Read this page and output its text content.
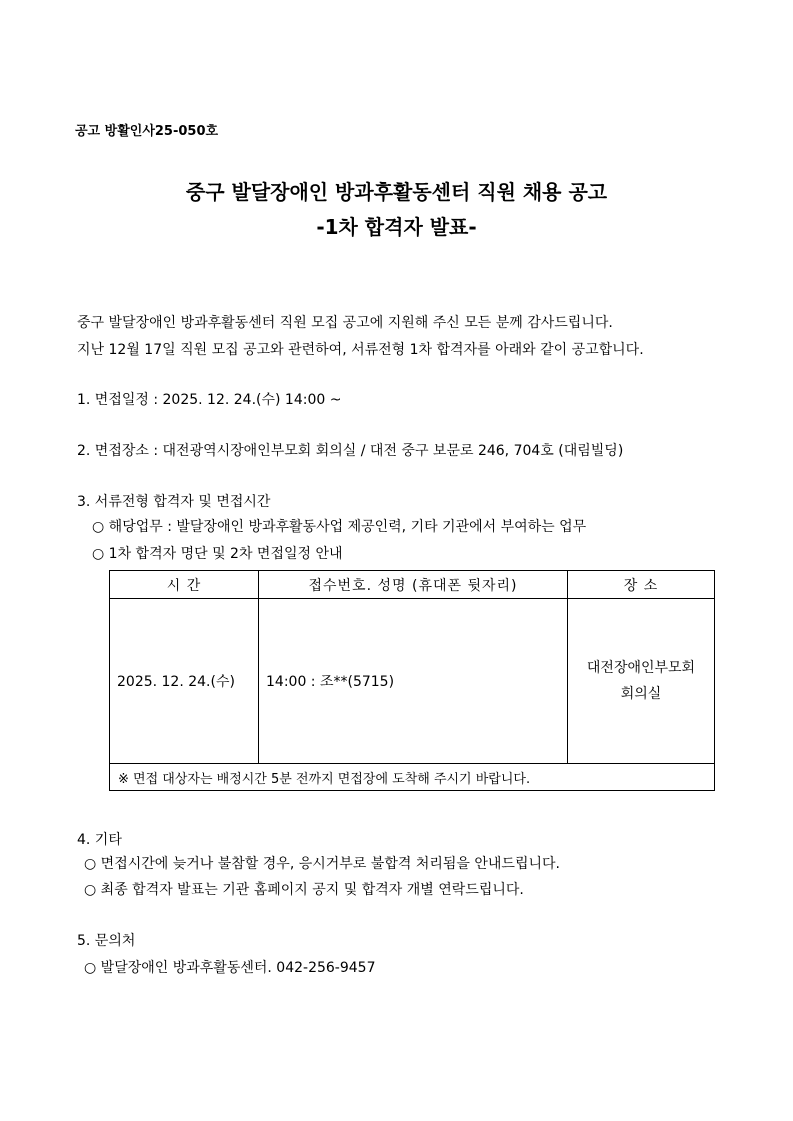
공고 방활인사25-050호
중구 발달장애인 방과후활동센터 직원 채용 공고
-1차 합격자 발표-
중구 발달장애인 방과후활동센터 직원 모집 공고에 지원해 주신 모든 분께 감사드립니다.
지난 12월 17일 직원 모집 공고와 관련하여, 서류전형 1차 합격자를 아래와 같이 공고합니다.
1. 면접일정 : 2025. 12. 24.(수) 14:00 ~
2. 면접장소 : 대전광역시장애인부모회 회의실 / 대전 중구 보문로 246, 704호 (대림빌딩)
3. 서류전형 합격자 및 면접시간
○ 해당업무 : 발달장애인 방과후활동사업 제공인력, 기타 기관에서 부여하는 업무
○ 1차 합격자 명단 및 2차 면접일정 안내
시 간	접수번호. 성명 (휴대폰 뒷자리)	장 소
2025. 12. 24.(수)	14:00 : 조**(5715)	대전장애인부모회
회의실

※ 면접 대상자는 배정시간 5분 전까지 면접장에 도착해 주시기 바랍니다.		
4. 기타
○ 면접시간에 늦거나 불참할 경우, 응시거부로 불합격 처리됨을 안내드립니다.
○ 최종 합격자 발표는 기관 홈페이지 공지 및 합격자 개별 연락드립니다.
5. 문의처
○ 발달장애인 방과후활동센터. 042-256-9457
